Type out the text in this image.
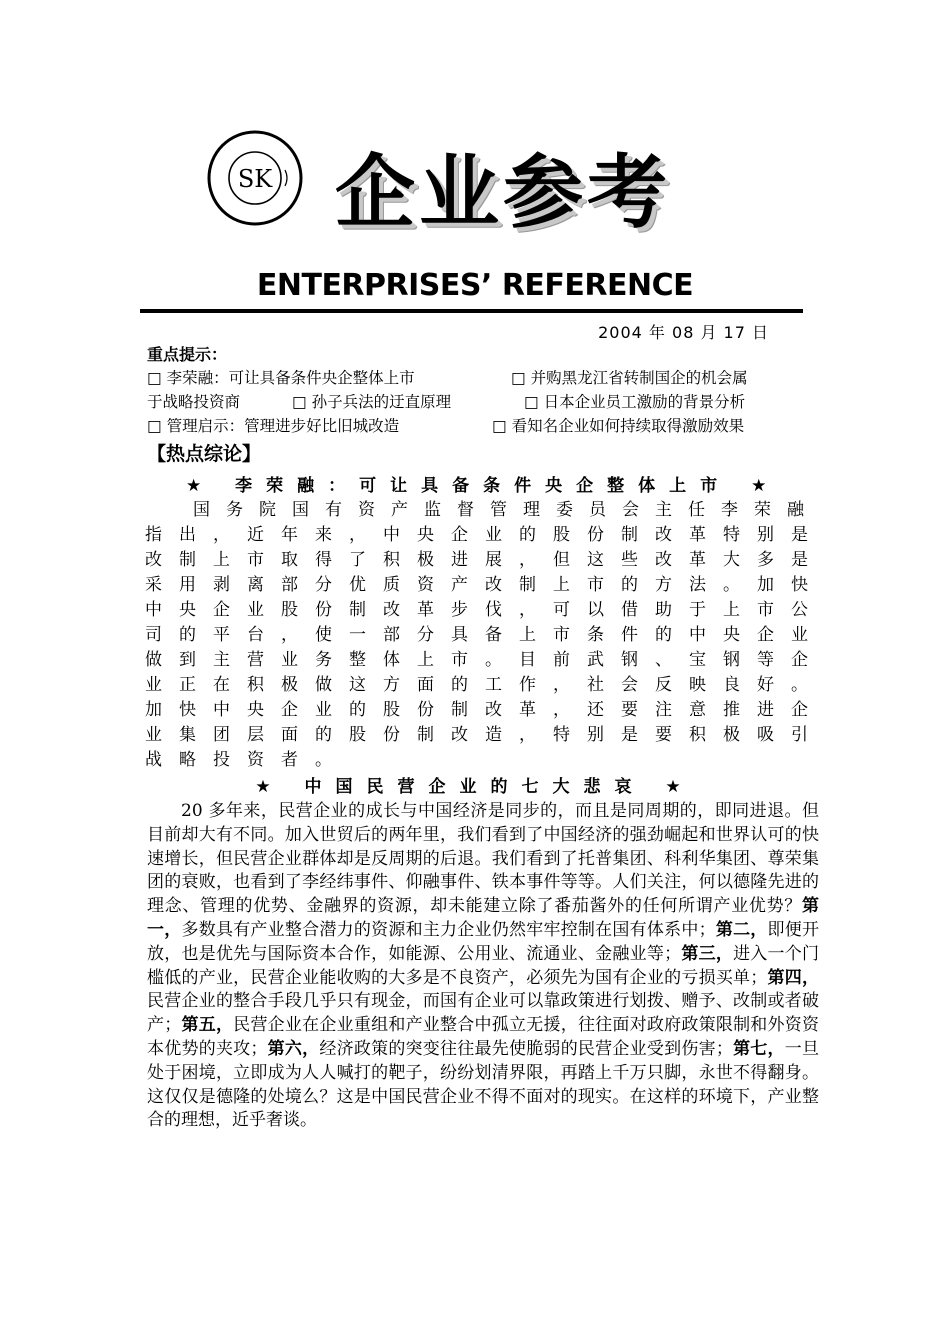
SK 企业参考
ENTERPRISES’ REFERENCE
2004 年 08 月 17 日
重点提示：
□ 李荣融：可让具备条件央企整体上市	□ 并购黑龙江省转制国企的机会属
于战略投资商	□ 孙子兵法的迂直原理	□ 日本企业员工激励的背景分析
□ 管理启示：管理进步好比旧城改造	□ 看知名企业如何持续取得激励效果
【热点综论】
★ 李荣融：可让具备条件央企整体上市 ★
国务院国有资产监督管理委员会主任李荣融
指出，近年来，中央企业的股份制改革特别是
改制上市取得了积极进展，但这些改革大多是
采用剥离部分优质资产改制上市的方法。加快
中央企业股份制改革步伐，可以借助于上市公
司的平台，使一部分具备上市条件的中央企业
做到主营业务整体上市。目前武钢、宝钢等企
业正在积极做这方面的工作，社会反映良好。
加快中央企业的股份制改革，还要注意推进企
业集团层面的股份制改造，特别是要积极吸引
战略投资者。
★ 中国民营企业的七大悲哀 ★
20 多年来，民营企业的成长与中国经济是同步的，而且是同周期的，即同进退。但目前却大有不同。加入世贸后的两年里，我们看到了中国经济的强劲崛起和世界认可的快速增长，但民营企业群体却是反周期的后退。我们看到了托普集团、科利华集团、尊荣集团的衰败，也看到了李经纬事件、仰融事件、铁本事件等等。人们关注，何以德隆先进的理念、管理的优势、金融界的资源，却未能建立除了番茄酱外的任何所谓产业优势？第一，多数具有产业整合潜力的资源和主力企业仍然牢牢控制在国有体系中；第二，即便开放，也是优先与国际资本合作，如能源、公用业、流通业、金融业等；第三，进入一个门槛低的产业，民营企业能收购的大多是不良资产，必须先为国有企业的亏损买单；第四，民营企业的整合手段几乎只有现金，而国有企业可以靠政策进行划拨、赠予、改制或者破产；第五，民营企业在企业重组和产业整合中孤立无援，往往面对政府政策限制和外资资本优势的夹攻；第六，经济政策的突变往往最先使脆弱的民营企业受到伤害；第七，一旦处于困境，立即成为人人喊打的靶子，纷纷划清界限，再踏上千万只脚，永世不得翻身。这仅仅是德隆的处境么？这是中国民营企业不得不面对的现实。在这样的环境下，产业整合的理想，近乎奢谈。
